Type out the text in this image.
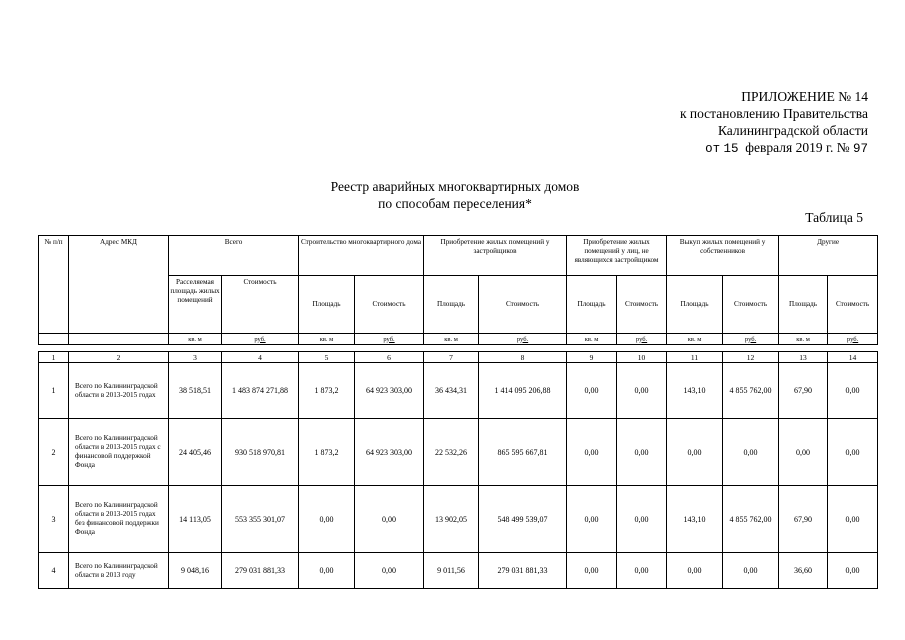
ПРИЛОЖЕНИЕ № 14
к постановлению Правительства
Калининградской области
от 15 февраля 2019 г. № 97
Реестр аварийных многоквартирных домов
по способам переселения*
Таблица 5
№ п/п	Адрес МКД	Всего		Строительство многоквартирного дома		Приобретение жилых помещений у застройщиков		Приобретение жилых помещений у лиц, не являющихся застройщиком		Выкуп жилых помещений у собственников		Другие	
		Расселяемая площадь жилых помещений	Стоимость	Площадь	Стоимость	Площадь	Стоимость	Площадь	Стоимость	Площадь	Стоимость	Площадь	Стоимость
		кв. м	руб.	кв. м	руб.	кв. м	руб.	кв. м	руб.	кв. м	руб.	кв. м	руб.

1	2	3	4	5	6	7	8	9	10	11	12	13	14
1	Всего по Калининградской области в 2013-2015 годах	38 518,51	1 483 874 271,88	1 873,2	64 923 303,00	36 434,31	1 414 095 206,88	0,00	0,00	143,10	4 855 762,00	67,90	0,00
2	Всего по Калининградской области в 2013-2015 годах с финансовой поддержкой Фонда	24 405,46	930 518 970,81	1 873,2	64 923 303,00	22 532,26	865 595 667,81	0,00	0,00	0,00	0,00	0,00	0,00
3	Всего по Калининградской области в 2013-2015 годах без финансовой поддержки Фонда	14 113,05	553 355 301,07	0,00	0,00	13 902,05	548 499 539,07	0,00	0,00	143,10	4 855 762,00	67,90	0,00
4	Всего по Калининградской области в 2013 году	9 048,16	279 031 881,33	0,00	0,00	9 011,56	279 031 881,33	0,00	0,00	0,00	0,00	36,60	0,00
